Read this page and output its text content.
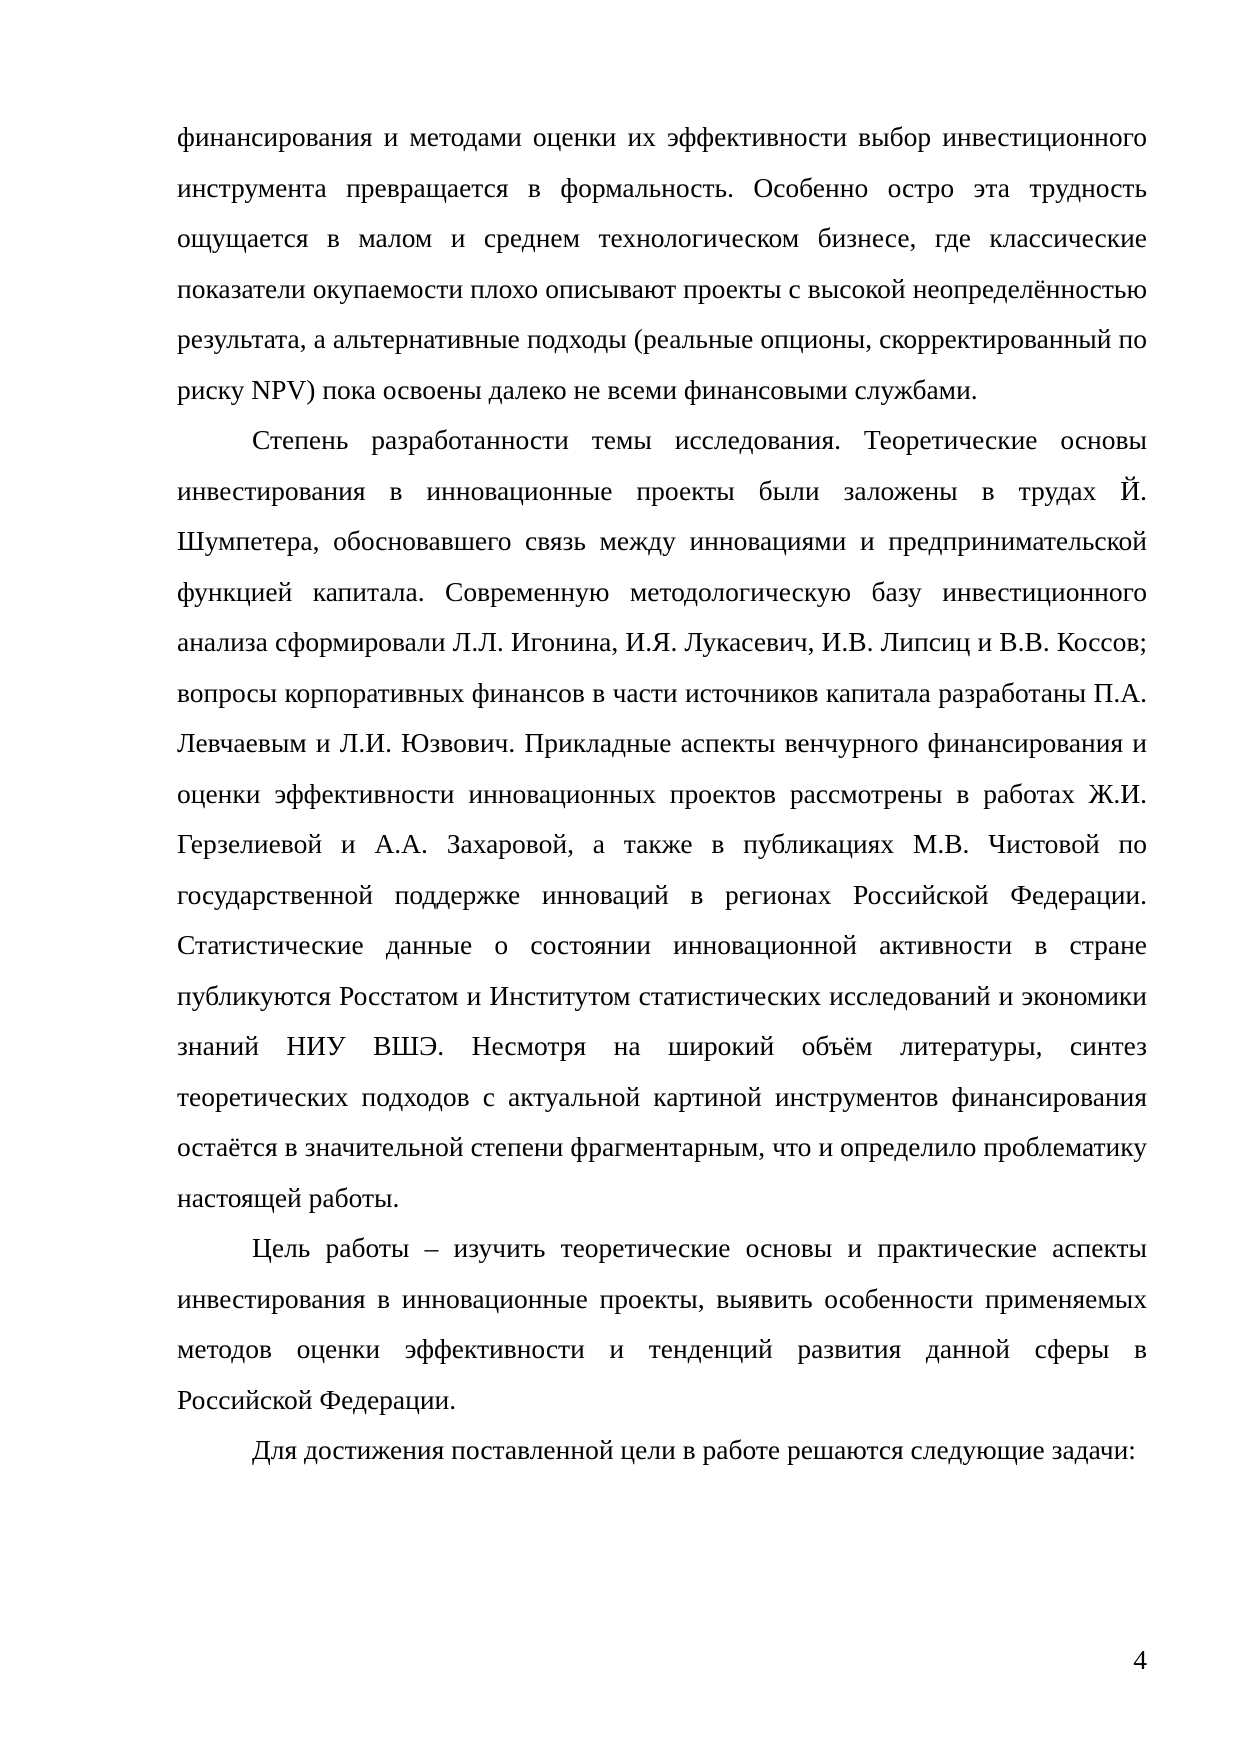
финансирования и методами оценки их эффективности выбор инвестиционного инструмента превращается в формальность. Особенно остро эта трудность ощущается в малом и среднем технологическом бизнесе, где классические показатели окупаемости плохо описывают проекты с высокой неопределённостью результата, а альтернативные подходы (реальные опционы, скорректированный по риску NPV) пока освоены далеко не всеми финансовыми службами.

Степень разработанности темы исследования. Теоретические основы инвестирования в инновационные проекты были заложены в трудах Й. Шумпетера, обосновавшего связь между инновациями и предпринимательской функцией капитала. Современную методологическую базу инвестиционного анализа сформировали Л.Л. Игонина, И.Я. Лукасевич, И.В. Липсиц и В.В. Коссов; вопросы корпоративных финансов в части источников капитала разработаны П.А. Левчаевым и Л.И. Юзвович. Прикладные аспекты венчурного финансирования и оценки эффективности инновационных проектов рассмотрены в работах Ж.И. Герзелиевой и А.А. Захаровой, а также в публикациях М.В. Чистовой по государственной поддержке инноваций в регионах Российской Федерации. Статистические данные о состоянии инновационной активности в стране публикуются Росстатом и Институтом статистических исследований и экономики знаний НИУ ВШЭ. Несмотря на широкий объём литературы, синтез теоретических подходов с актуальной картиной инструментов финансирования остаётся в значительной степени фрагментарным, что и определило проблематику настоящей работы.

Цель работы – изучить теоретические основы и практические аспекты инвестирования в инновационные проекты, выявить особенности применяемых методов оценки эффективности и тенденций развития данной сферы в Российской Федерации.

Для достижения поставленной цели в работе решаются следующие задачи:

4
